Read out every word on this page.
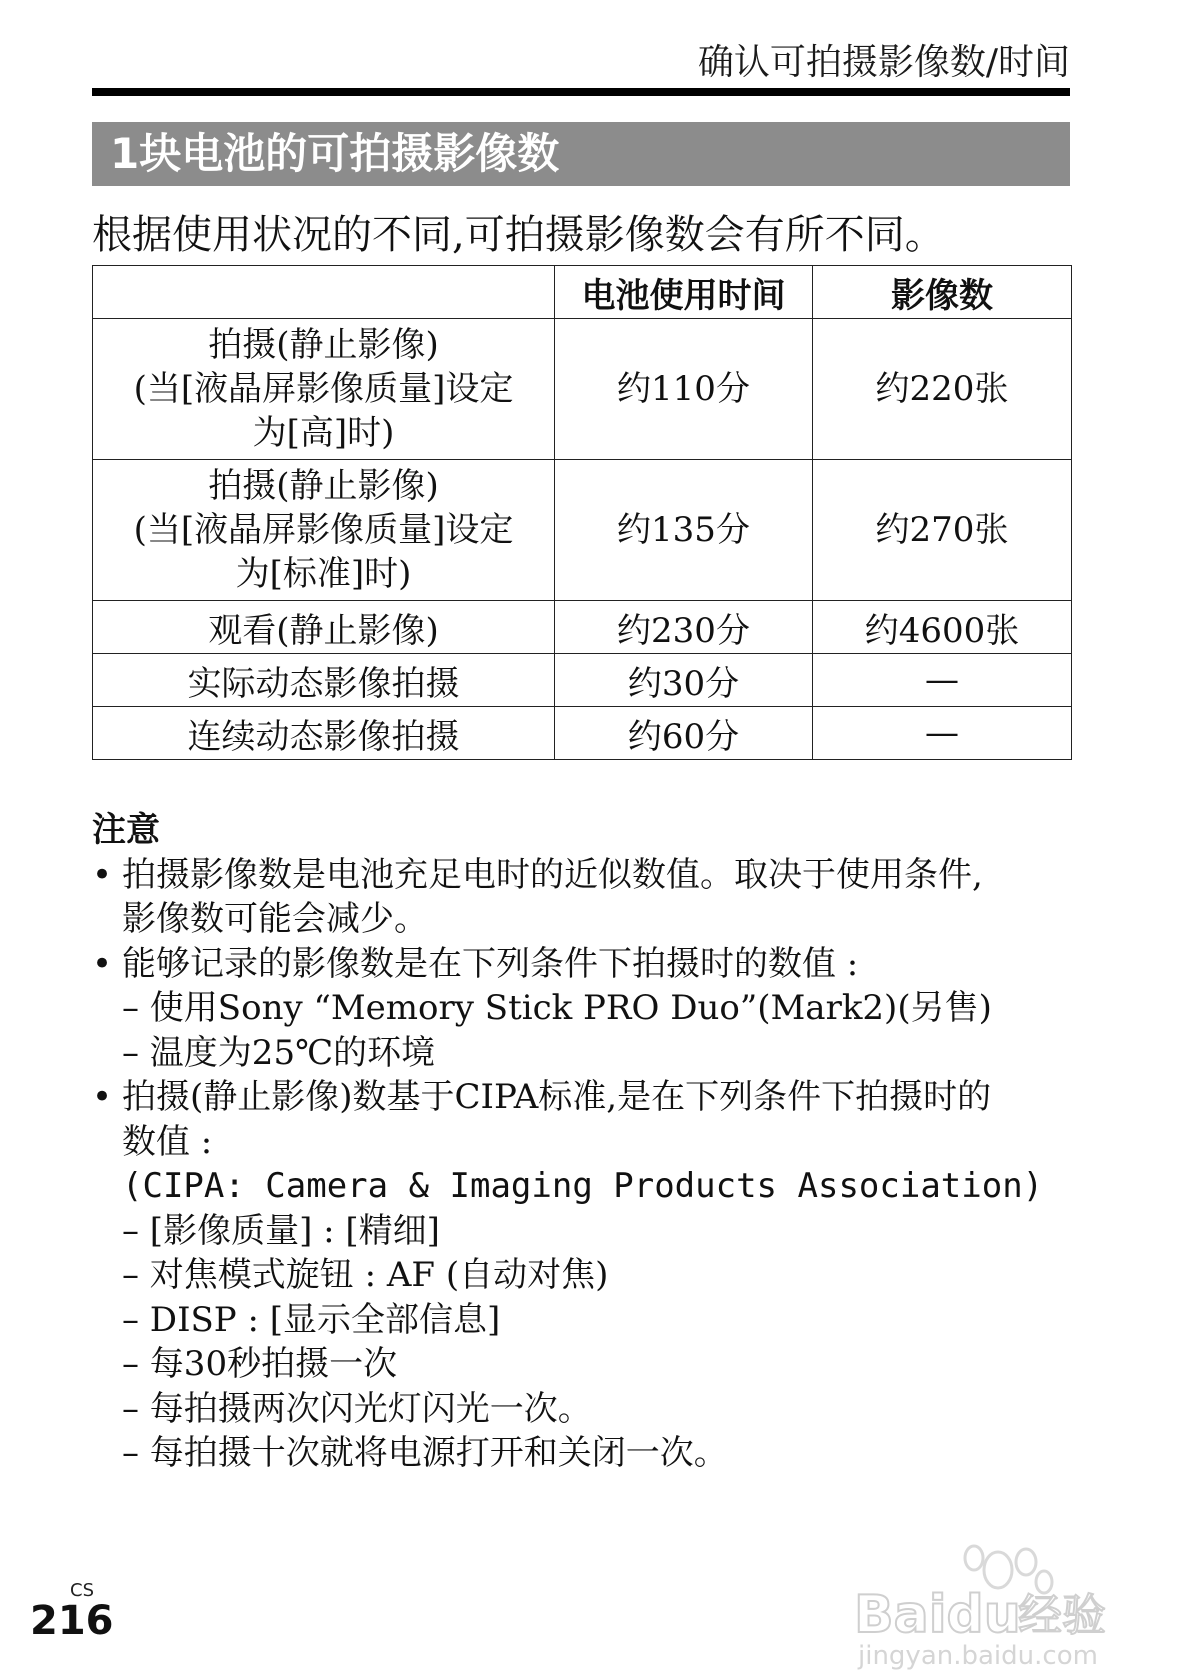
确认可拍摄影像数/时间
1块电池的可拍摄影像数
根据使用状况的不同,可拍摄影像数会有所不同。
	电池使用时间	影像数

拍摄(静止影像)
(当[液晶屏影像质量]设定
为[高]时)	约110分	约220张

拍摄(静止影像)
(当[液晶屏影像质量]设定
为[标准]时)	约135分	约270张
观看(静止影像)	约230分	约4600张
实际动态影像拍摄	约30分	—
连续动态影像拍摄	约60分	—
注意
• 拍摄影像数是电池充足电时的近似数值。取决于使用条件,
影像数可能会减少。
• 能够记录的影像数是在下列条件下拍摄时的数值 :
– 使用Sony “Memory Stick PRO Duo”(Mark2)(另售)
– 温度为25℃的环境
• 拍摄(静止影像)数基于CIPA标准,是在下列条件下拍摄时的
数值 :
(CIPA: Camera & Imaging Products Association)
– [影像质量] : [精细]
– 对焦模式旋钮 : AF (自动对焦)
– DISP : [显示全部信息]
– 每30秒拍摄一次
– 每拍摄两次闪光灯闪光一次。
– 每拍摄十次就将电源打开和关闭一次。
CS
216	Baidu
经验
jingyan.baidu.com
